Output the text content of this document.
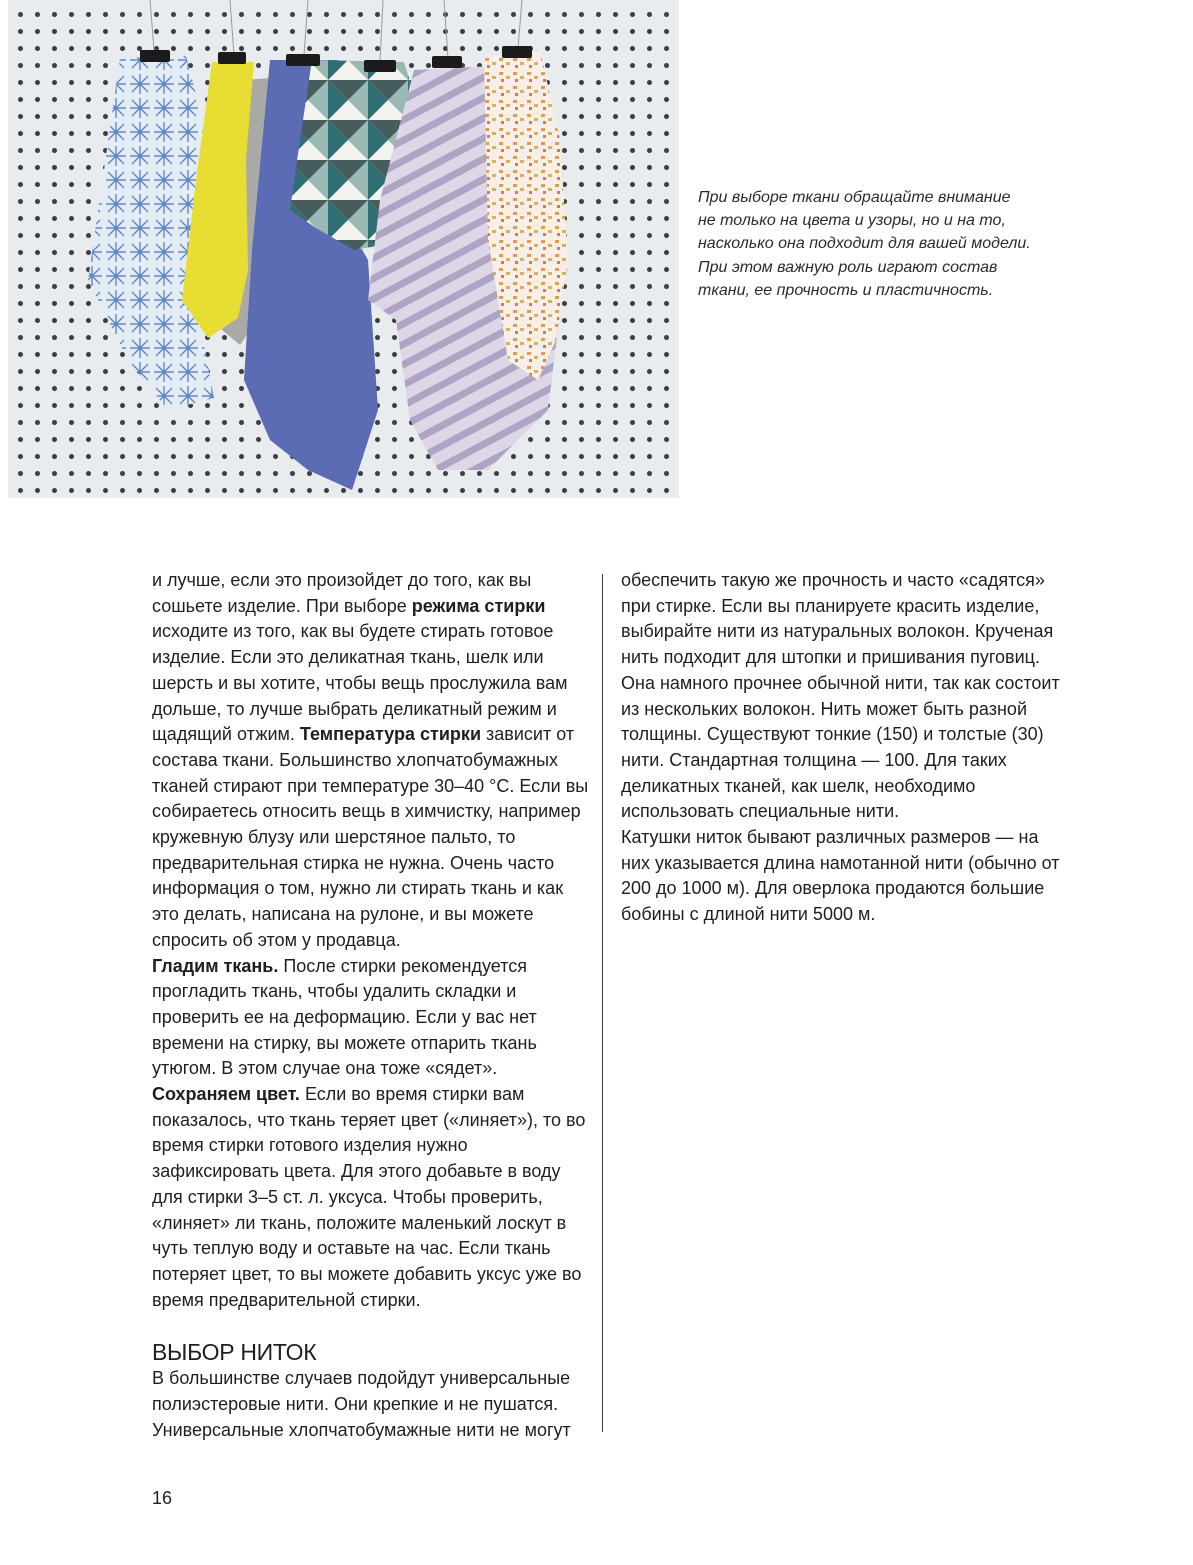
При выборе ткани обращайте внимание
не только на цвета и узоры, но и на то,
насколько она подходит для вашей модели.
При этом важную роль играют состав
ткани, ее прочность и пластичность.

и лучше, если это произойдет до того, как вы сошьете изделие. При выборе режима стирки исходите из того, как вы будете стирать готовое изделие. Если это деликатная ткань, шелк или шерсть и вы хотите, чтобы вещь прослужила вам дольше, то лучше выбрать деликатный режим и щадящий отжим. Температура стирки зависит от состава ткани. Большинство хлопчатобумажных тканей стирают при температуре 30–40 °C. Если вы собираетесь относить вещь в химчистку, например кружевную блузу или шерстяное пальто, то предварительная стирка не нужна. Очень часто информация о том, нужно ли стирать ткань и как это делать, написана на рулоне, и вы можете спросить об этом у продавца.

Гладим ткань. После стирки рекомендуется прогладить ткань, чтобы удалить складки и проверить ее на деформацию. Если у вас нет времени на стирку, вы можете отпарить ткань утюгом. В этом случае она тоже «сядет».

Сохраняем цвет. Если во время стирки вам показалось, что ткань теряет цвет («линяет»), то во время стирки готового изделия нужно зафиксировать цвета. Для этого добавьте в воду для стирки 3–5 ст. л. уксуса. Чтобы проверить, «линяет» ли ткань, положите маленький лоскут в чуть теплую воду и оставьте на час. Если ткань потеряет цвет, то вы можете добавить уксус уже во время предварительной стирки.

ВЫБОР НИТОК

В большинстве случаев подойдут универсальные полиэстеровые нити. Они крепкие и не пушатся. Универсальные хлопчатобумажные нити не могут

обеспечить такую же прочность и часто «садятся» при стирке. Если вы планируете красить изделие, выбирайте нити из натуральных волокон. Крученая нить подходит для штопки и пришивания пуговиц. Она намного прочнее обычной нити, так как состоит из нескольких волокон. Нить может быть разной толщины. Существуют тонкие (150) и толстые (30) нити. Стандартная толщина — 100. Для таких деликатных тканей, как шелк, необходимо использовать специальные нити.

Катушки ниток бывают различных размеров — на них указывается длина намотанной нити (обычно от 200 до 1000 м). Для оверлока продаются большие бобины с длиной нити 5000 м.

16
